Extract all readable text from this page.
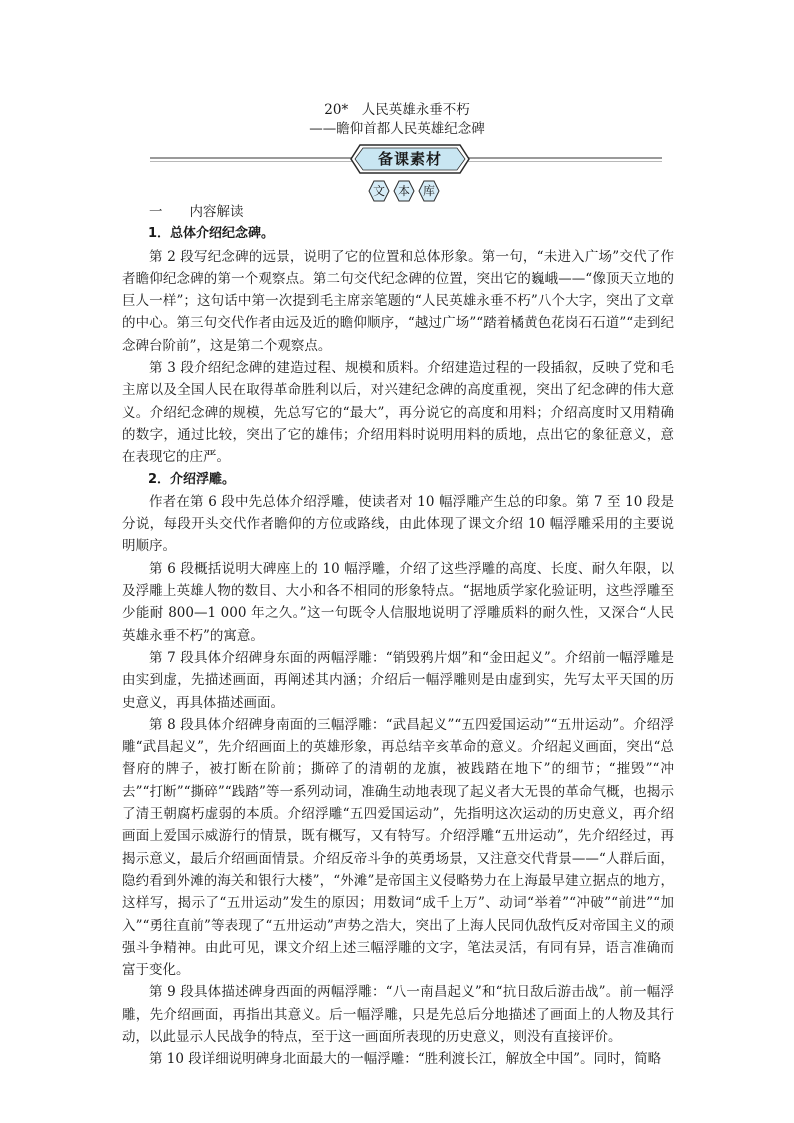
20*　人民英雄永垂不朽
——瞻仰首都人民英雄纪念碑
备课素材
文	本	库

一　　内容解读

1．总体介绍纪念碑。

第 2 段写纪念碑的远景，说明了它的位置和总体形象。第一句，“未进入广场”交代了作者瞻仰纪念碑的第一个观察点。第二句交代纪念碑的位置，突出它的巍峨——“像顶天立地的巨人一样”；这句话中第一次提到毛主席亲笔题的“人民英雄永垂不朽”八个大字，突出了文章的中心。第三句交代作者由远及近的瞻仰顺序，“越过广场”“踏着橘黄色花岗石石道”“走到纪念碑台阶前”，这是第二个观察点。

第 3 段介绍纪念碑的建造过程、规模和质料。介绍建造过程的一段插叙，反映了党和毛主席以及全国人民在取得革命胜利以后，对兴建纪念碑的高度重视，突出了纪念碑的伟大意义。介绍纪念碑的规模，先总写它的“最大”，再分说它的高度和用料；介绍高度时又用精确的数字，通过比较，突出了它的雄伟；介绍用料时说明用料的质地，点出它的象征意义，意在表现它的庄严。

2．介绍浮雕。

作者在第 6 段中先总体介绍浮雕，使读者对 10 幅浮雕产生总的印象。第 7 至 10 段是分说，每段开头交代作者瞻仰的方位或路线，由此体现了课文介绍 10 幅浮雕采用的主要说明顺序。

第 6 段概括说明大碑座上的 10 幅浮雕，介绍了这些浮雕的高度、长度、耐久年限，以及浮雕上英雄人物的数目、大小和各不相同的形象特点。“据地质学家化验证明，这些浮雕至少能耐 800—1 000 年之久。”这一句既令人信服地说明了浮雕质料的耐久性，又深合“人民英雄永垂不朽”的寓意。

第 7 段具体介绍碑身东面的两幅浮雕：“销毁鸦片烟”和“金田起义”。介绍前一幅浮雕是由实到虚，先描述画面，再阐述其内涵；介绍后一幅浮雕则是由虚到实，先写太平天国的历史意义，再具体描述画面。

第 8 段具体介绍碑身南面的三幅浮雕：“武昌起义”“五四爱国运动”“五卅运动”。介绍浮雕“武昌起义”，先介绍画面上的英雄形象，再总结辛亥革命的意义。介绍起义画面，突出“总督府的牌子，被打断在阶前；撕碎了的清朝的龙旗，被践踏在地下”的细节；“摧毁”“冲去”“打断”“撕碎”“践踏”等一系列动词，准确生动地表现了起义者大无畏的革命气概，也揭示了清王朝腐朽虚弱的本质。介绍浮雕“五四爱国运动”，先指明这次运动的历史意义，再介绍画面上爱国示威游行的情景，既有概写，又有特写。介绍浮雕“五卅运动”，先介绍经过，再揭示意义，最后介绍画面情景。介绍反帝斗争的英勇场景，又注意交代背景——“人群后面，隐约看到外滩的海关和银行大楼”，“外滩”是帝国主义侵略势力在上海最早建立据点的地方，这样写，揭示了“五卅运动”发生的原因；用数词“成千上万”、动词“举着”“冲破”“前进”“加入”“勇往直前”等表现了“五卅运动”声势之浩大，突出了上海人民同仇敌忾反对帝国主义的顽强斗争精神。由此可见，课文介绍上述三幅浮雕的文字，笔法灵活，有同有异，语言准确而富于变化。

第 9 段具体描述碑身西面的两幅浮雕：“八一南昌起义”和“抗日敌后游击战”。前一幅浮雕，先介绍画面，再指出其意义。后一幅浮雕，只是先总后分地描述了画面上的人物及其行动，以此显示人民战争的特点，至于这一画面所表现的历史意义，则没有直接评价。

第 10 段详细说明碑身北面最大的一幅浮雕：“胜利渡长江，解放全中国”。同时，简略
